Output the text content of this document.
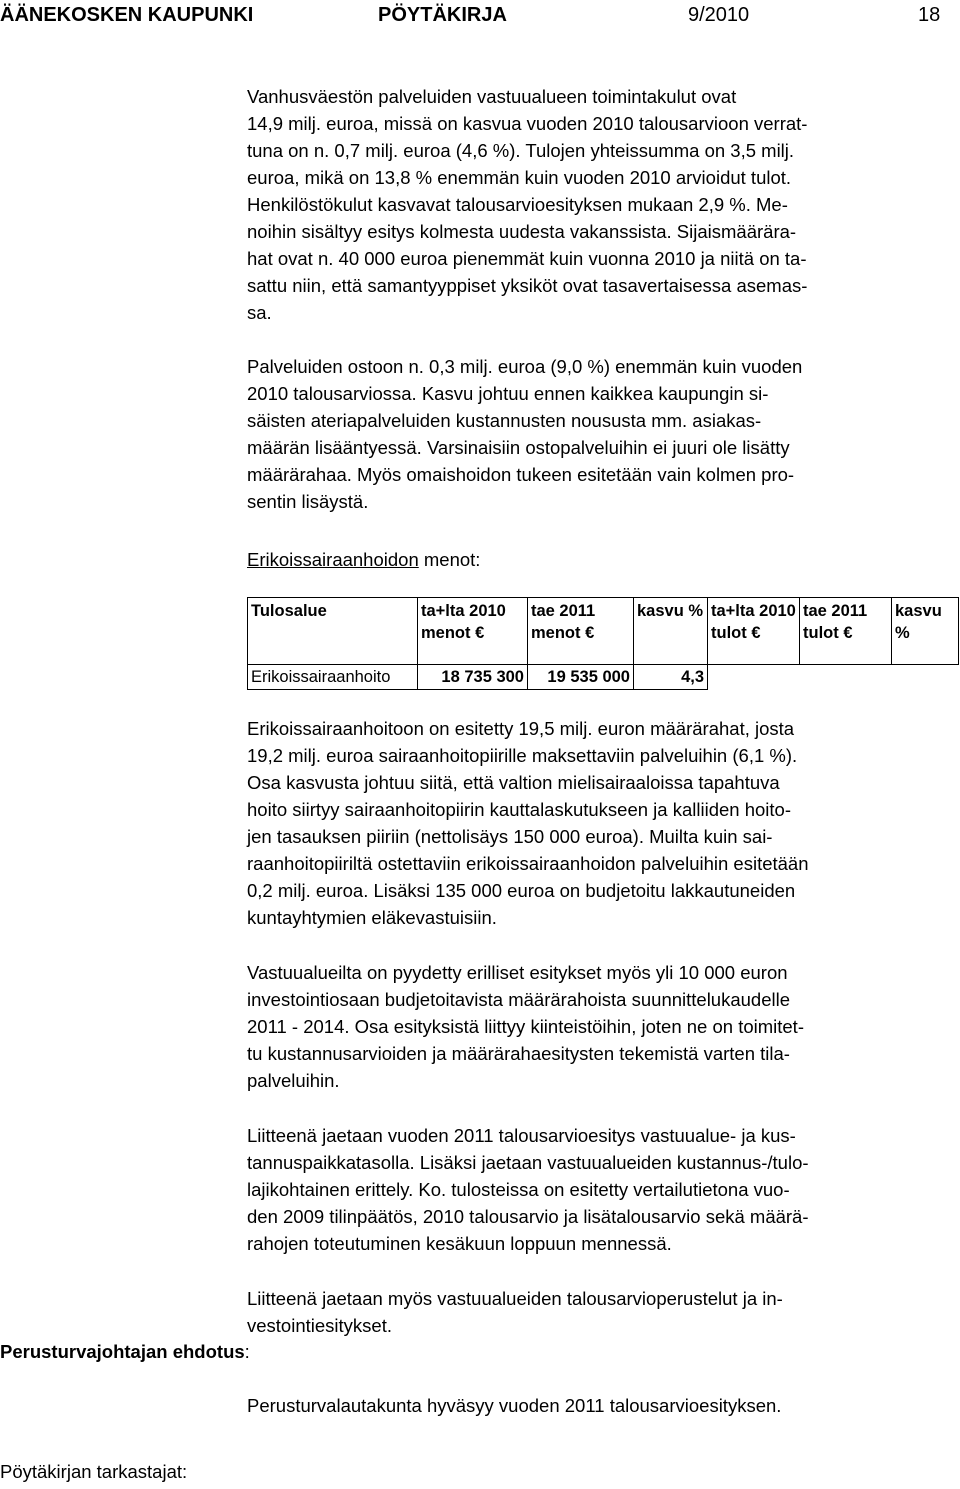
ÄÄNEKOSKEN KAUPUNKI	PÖYTÄKIRJA	9/2010	18

Vanhusväestön palveluiden vastuualueen toimintakulut ovat
14,9 milj. euroa, missä on kasvua vuoden 2010 talousarvioon verrat-
tuna on n. 0,7 milj. euroa (4,6 %). Tulojen yhteissumma on 3,5 milj.
euroa, mikä on 13,8 % enemmän kuin vuoden 2010 arvioidut tulot.
Henkilöstökulut kasvavat talousarvioesityksen mukaan 2,9 %. Me-
noihin sisältyy esitys kolmesta uudesta vakanssista. Sijaismäärära-
hat ovat n. 40 000 euroa pienemmät kuin vuonna 2010 ja niitä on ta-
sattu niin, että samantyyppiset yksiköt ovat tasavertaisessa asemas-
sa.

Palveluiden ostoon n. 0,3 milj. euroa (9,0 %) enemmän kuin vuoden
2010 talousarviossa. Kasvu johtuu ennen kaikkea kaupungin si-
säisten ateriapalveluiden kustannusten noususta mm. asiakas-
määrän lisääntyessä. Varsinaisiin ostopalveluihin ei juuri ole lisätty
määrärahaa. Myös omaishoidon tukeen esitetään vain kolmen pro-
sentin lisäystä.

Erikoissairaanhoidon menot:

Tulosalue	ta+lta 2010 menot €	tae 2011 menot €	kasvu %	ta+lta 2010 tulot €	tae 2011 tulot €	kasvu %
Erikoissairaanhoito	18 735 300	19 535 000	4,3			

Erikoissairaanhoitoon on esitetty 19,5 milj. euron määrärahat, josta
19,2 milj. euroa sairaanhoitopiirille maksettaviin palveluihin (6,1 %).
Osa kasvusta johtuu siitä, että valtion mielisairaaloissa tapahtuva
hoito siirtyy sairaanhoitopiirin kauttalaskutukseen ja kalliiden hoito-
jen tasauksen piiriin (nettolisäys 150 000 euroa). Muilta kuin sai-
raanhoitopiiriltä ostettaviin erikoissairaanhoidon palveluihin esitetään
0,2 milj. euroa. Lisäksi 135 000 euroa on budjetoitu lakkautuneiden
kuntayhtymien eläkevastuisiin.

Vastuualueilta on pyydetty erilliset esitykset myös yli 10 000 euron
investointiosaan budjetoitavista määrärahoista suunnittelukaudelle
2011 - 2014. Osa esityksistä liittyy kiinteistöihin, joten ne on toimitet-
tu kustannusarvioiden ja määrärahaesitysten tekemistä varten tila-
palveluihin.

Liitteenä jaetaan vuoden 2011 talousarvioesitys vastuualue- ja kus-
tannuspaikkatasolla. Lisäksi jaetaan vastuualueiden kustannus-/tulo-
lajikohtainen erittely. Ko. tulosteissa on esitetty vertailutietona vuo-
den 2009 tilinpäätös, 2010 talousarvio ja lisätalousarvio sekä määrä-
rahojen toteutuminen kesäkuun loppuun mennessä.

Liitteenä jaetaan myös vastuualueiden talousarvioperustelut ja in-
vestointiesitykset.

Perusturvajohtajan ehdotus:
Perusturvalautakunta hyväsyy vuoden 2011 talousarvioesityksen.
Pöytäkirjan tarkastajat:
